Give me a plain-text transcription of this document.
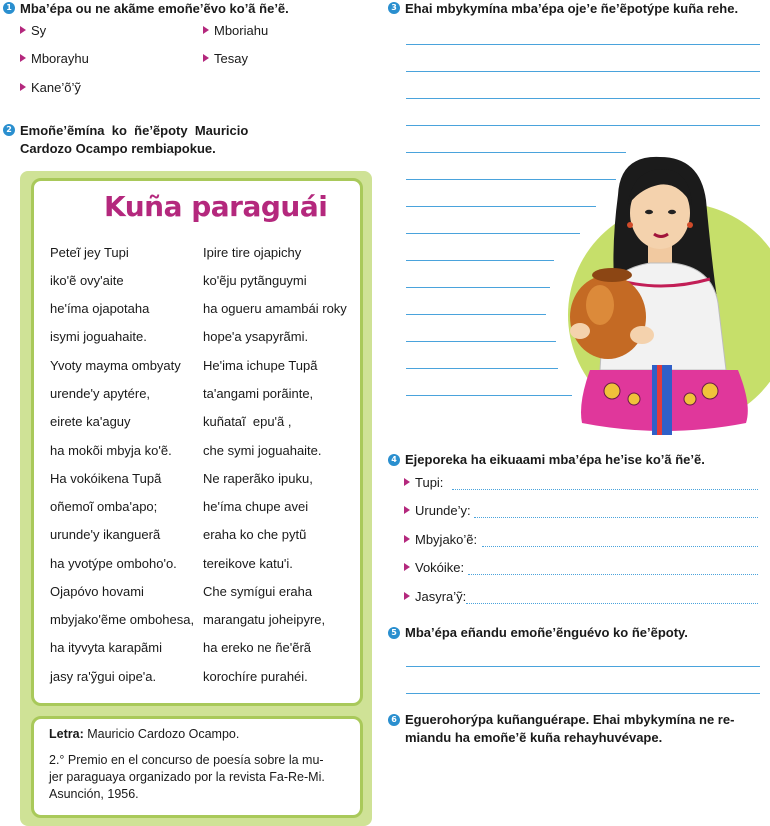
1 Mba’épa ou ne akãme emoñe’ẽvo ko’ã ñe’ẽ.
Sy	Mboriahu
Mborayhu	Tesay
Kane’õ’ỹ
2 Emoñe’ẽmína  ko  ñe’ẽpoty  Mauricio
Cardozo Ocampo rembiapokue.
Kuña paraguái
Peteĩ jey Tupi
iko'ẽ ovy'aite
he'íma ojapotaha
isymi joguahaite.
Yvoty mayma ombyaty
urende'y apytére,
eirete ka'aguy
ha mokõi mbyja ko'ẽ.
Ha vokóikena Tupã
oñemoĩ omba'apo;
urunde'y ikanguerã
ha yvotýpe omboho'o.
Ojapóvo hovami
mbyjako'ẽme ombohesa,
ha ityvyta karapãmi
jasy ra'ỹgui oipe'a.
Ipire tire ojapichy
ko'ẽju pytãnguymi
ha ogueru amambái roky
hope'a ysapyrãmi.
He'ima ichupe Tupã
ta'angami porãinte,
kuñataĩ  epu'ã ,
che symi joguahaite.
Ne raperãko ipuku,
he'íma chupe avei
eraha ko che pytũ
tereikove katu'i.
Che symígui eraha
marangatu joheipyre,
ha ereko ne ñe'ẽrã
korochíre purahéi.
Letra: Mauricio Cardozo Ocampo.
2.° Premio en el concurso de poesía sobre la mu-
jer paraguaya organizado por la revista Fa-Re-Mi.
Asunción, 1956.
3 Ehai mbykymína mba’épa oje’e ñe’ẽpotýpe kuña rehe.
4 Ejeporeka ha eikuaami mba’épa he’ise ko’ã ñe’ẽ.
Tupi:
Urunde’y:
Mbyjako’ẽ:
Vokóike:
Jasyra’ỹ:
5 Mba’épa eñandu emoñe’ẽnguévo ko ñe’ẽpoty.
6 Eguerohorýpa kuñanguérape. Ehai mbykymína ne re-
miandu ha emoñe’ẽ kuña rehayhuvévape.
